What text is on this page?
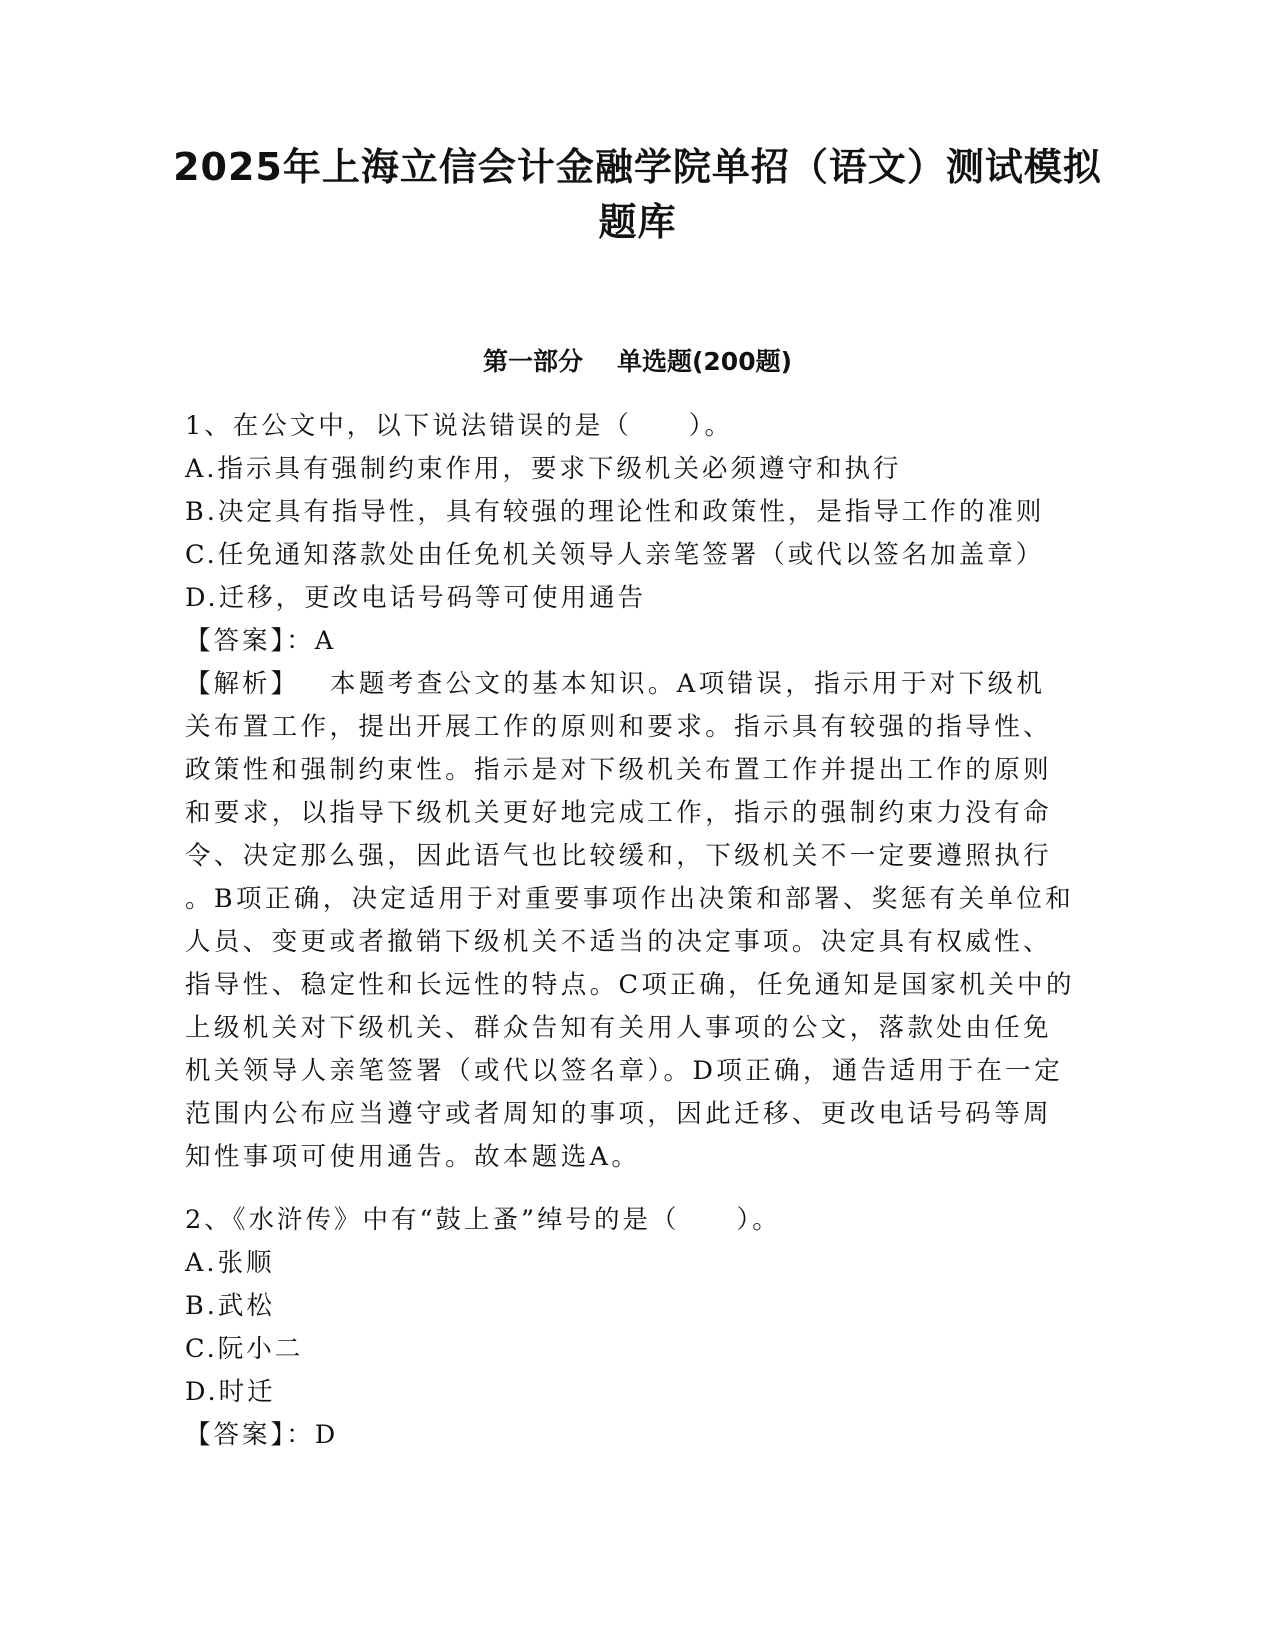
2025年上海立信会计金融学院单招（语文）测试模拟
题库
第一部分 单选题(200题)
1、在公文中，以下说法错误的是（　　）。
A.指示具有强制约束作用，要求下级机关必须遵守和执行
B.决定具有指导性，具有较强的理论性和政策性，是指导工作的准则
C.任免通知落款处由任免机关领导人亲笔签署（或代以签名加盖章）
D.迁移，更改电话号码等可使用通告
【答案】：A
【解析】 本题考查公文的基本知识。A项错误，指示用于对下级机
关布置工作，提出开展工作的原则和要求。指示具有较强的指导性、
政策性和强制约束性。指示是对下级机关布置工作并提出工作的原则
和要求，以指导下级机关更好地完成工作，指示的强制约束力没有命
令、决定那么强，因此语气也比较缓和，下级机关不一定要遵照执行
。B项正确，决定适用于对重要事项作出决策和部署、奖惩有关单位和
人员、变更或者撤销下级机关不适当的决定事项。决定具有权威性、
指导性、稳定性和长远性的特点。C项正确，任免通知是国家机关中的
上级机关对下级机关、群众告知有关用人事项的公文，落款处由任免
机关领导人亲笔签署（或代以签名章）。D项正确，通告适用于在一定
范围内公布应当遵守或者周知的事项，因此迁移、更改电话号码等周
知性事项可使用通告。故本题选A。
2、《水浒传》中有“鼓上蚤”绰号的是（　　）。
A.张顺
B.武松
C.阮小二
D.时迁
【答案】：D
